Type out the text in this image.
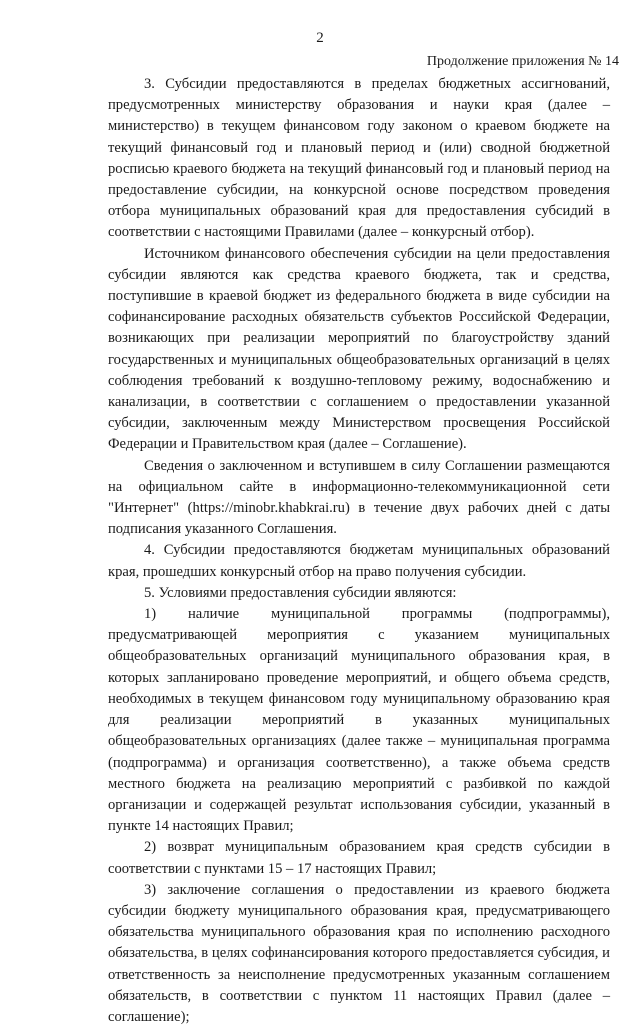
2
Продолжение приложения № 14

3. Субсидии предоставляются в пределах бюджетных ассигнований, предусмотренных министерству образования и науки края (далее – министерство) в текущем финансовом году законом о краевом бюджете на текущий финансовый год и плановый период и (или) сводной бюджетной росписью краевого бюджета на текущий финансовый год и плановый период на предоставление субсидии, на конкурсной основе посредством проведения отбора муниципальных образований края для предоставления субсидий в соответствии с настоящими Правилами (далее – конкурсный отбор).

Источником финансового обеспечения субсидии на цели предоставления субсидии являются как средства краевого бюджета, так и средства, поступившие в краевой бюджет из федерального бюджета в виде субсидии на софинансирование расходных обязательств субъектов Российской Федерации, возникающих при реализации мероприятий по благоустройству зданий государственных и муниципальных общеобразовательных организаций в целях соблюдения требований к воздушно-тепловому режиму, водоснабжению и канализации, в соответствии с соглашением о предоставлении указанной субсидии, заключенным между Министерством просвещения Российской Федерации и Правительством края (далее – Соглашение).

Сведения о заключенном и вступившем в силу Соглашении размещаются на официальном сайте в информационно-телекоммуникационной сети "Интернет" (https://minobr.khabkrai.ru) в течение двух рабочих дней с даты подписания указанного Соглашения.

4. Субсидии предоставляются бюджетам муниципальных образований края, прошедших конкурсный отбор на право получения субсидии.

5. Условиями предоставления субсидии являются:

1) наличие муниципальной программы (подпрограммы), предусматривающей мероприятия с указанием муниципальных общеобразовательных организаций муниципального образования края, в которых запланировано проведение мероприятий, и общего объема средств, необходимых в текущем финансовом году муниципальному образованию края для реализации мероприятий в указанных муниципальных общеобразовательных организациях (далее также – муниципальная программа (подпрограмма) и организация соответственно), а также объема средств местного бюджета на реализацию мероприятий с разбивкой по каждой организации и содержащей результат использования субсидии, указанный в пункте 14 настоящих Правил;

2) возврат муниципальным образованием края средств субсидии в соответствии с пунктами 15 – 17 настоящих Правил;

3) заключение соглашения о предоставлении из краевого бюджета субсидии бюджету муниципального образования края, предусматривающего обязательства муниципального образования края по исполнению расходного обязательства, в целях софинансирования которого предоставляется субсидия, и ответственность за неисполнение предусмотренных указанным соглашением обязательств, в соответствии с пунктом 11 настоящих Правил (далее – соглашение);
